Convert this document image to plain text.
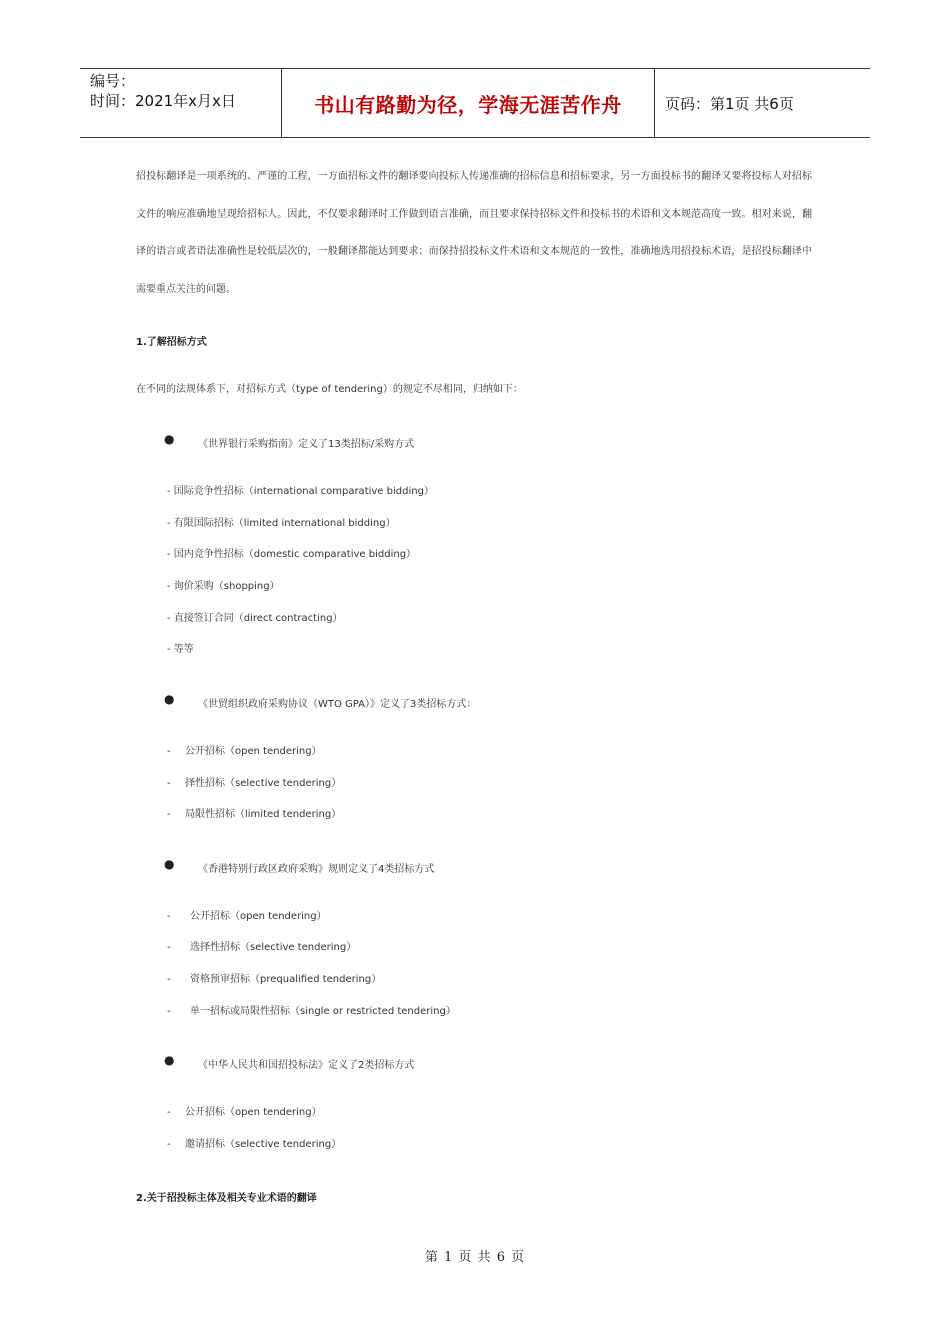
编号：
时间：2021年x月x日	书山有路勤为径，学海无涯苦作舟	页码：第1页 共6页

招投标翻译是一项系统的、严谨的工程，一方面招标文件的翻译要向投标人传递准确的招标信息和招标要求，另一方面投标书的翻译又要将投标人对招标文件的响应准确地呈现给招标人。因此，不仅要求翻译时工作做到语言准确，而且要求保持招标文件和投标书的术语和文本规范高度一致。相对来说，翻译的语言或者语法准确性是较低层次的，一般翻译都能达到要求；而保持招投标文件术语和文本规范的一致性，准确地选用招投标术语，是招投标翻译中需要重点关注的问题。

1.了解招标方式
在不同的法规体系下，对招标方式（type of tendering）的规定不尽相同，归纳如下：
● 《世界银行采购指南》定义了13类招标/采购方式
- 国际竞争性招标（international comparative bidding）
- 有限国际招标（limited international bidding）
- 国内竞争性招标（domestic comparative bidding）
- 询价采购（shopping）
- 直接签订合同（direct contracting）
- 等等
● 《世贸组织政府采购协议（WTO GPA）》定义了3类招标方式：
- 公开招标（open tendering）
- 择性招标（selective tendering）
- 局限性招标（limited tendering）
● 《香港特别行政区政府采购》规则定义了4类招标方式
- 公开招标（open tendering）
- 选择性招标（selective tendering）
- 资格预审招标（prequalified tendering）
- 单一招标或局限性招标（single or restricted tendering）
● 《中华人民共和国招投标法》定义了2类招标方式
- 公开招标（open tendering）
- 邀请招标（selective tendering）
2.关于招投标主体及相关专业术语的翻译
第 1 页 共 6 页
